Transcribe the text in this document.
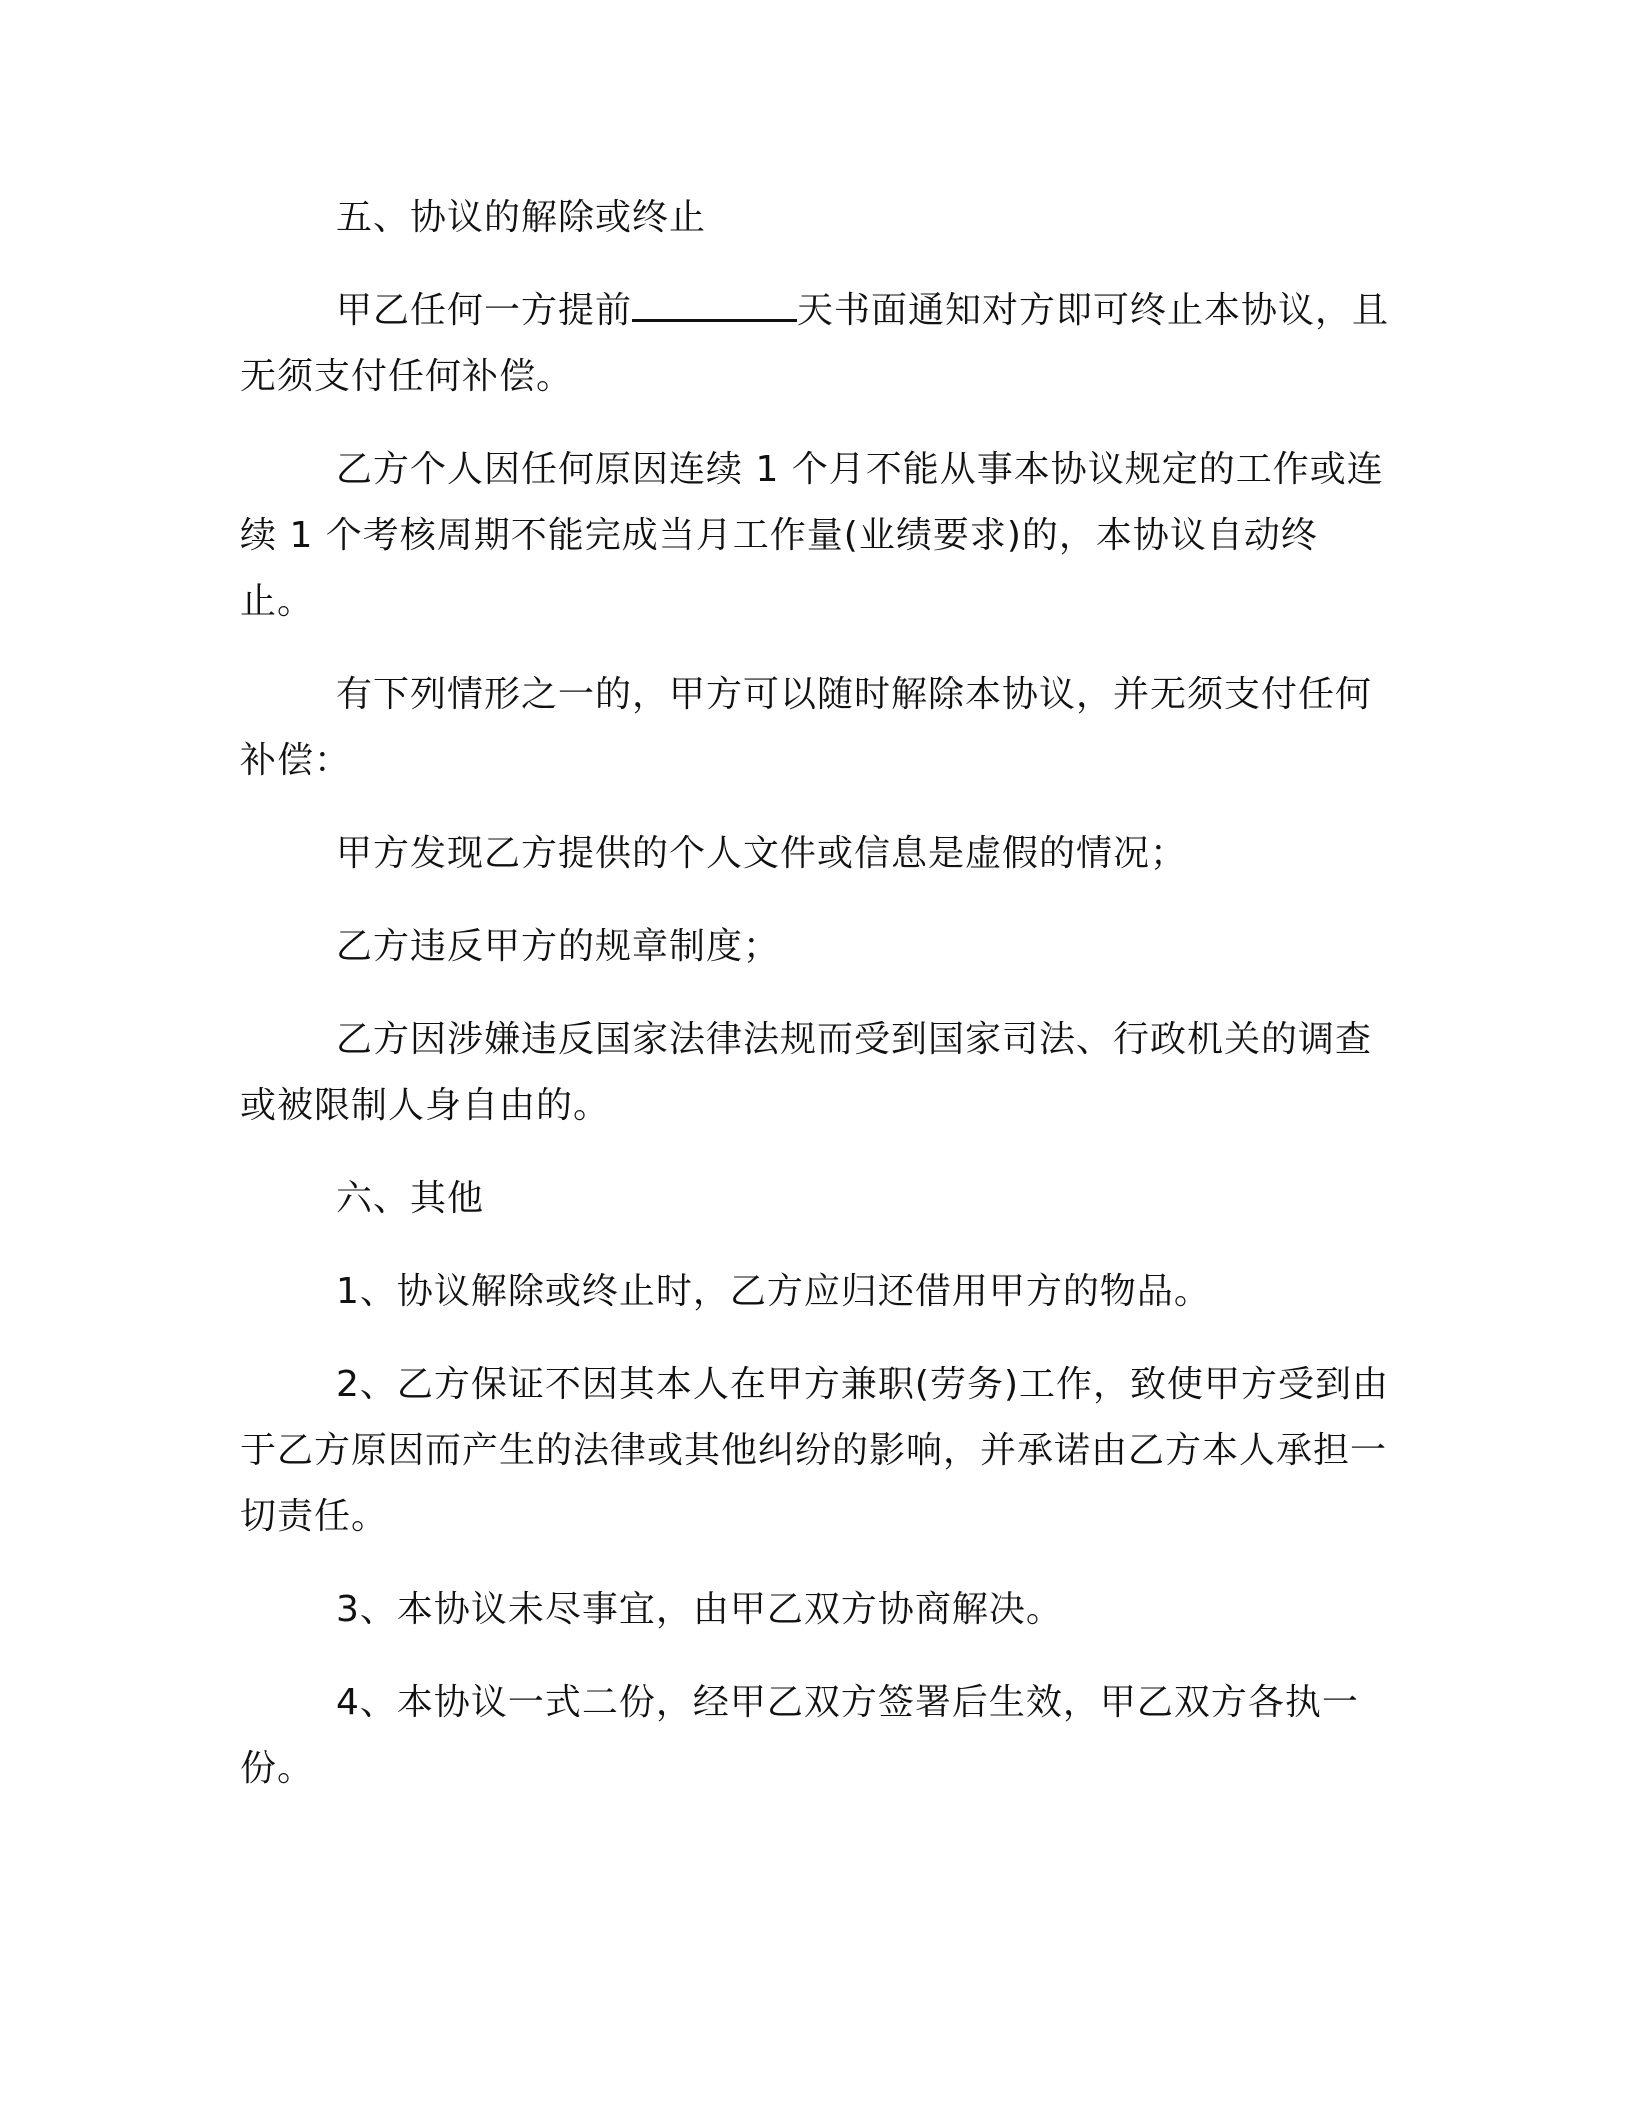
五、协议的解除或终止

甲乙任何一方提前	天书面通知对方即可终止本协议，且无须支付任何补偿。

乙方个人因任何原因连续 1 个月不能从事本协议规定的工作或连续 1 个考核周期不能完成当月工作量(业绩要求)的，本协议自动终止。

有下列情形之一的，甲方可以随时解除本协议，并无须支付任何补偿：

甲方发现乙方提供的个人文件或信息是虚假的情况；

乙方违反甲方的规章制度；

乙方因涉嫌违反国家法律法规而受到国家司法、行政机关的调查或被限制人身自由的。

六、其他

1、协议解除或终止时，乙方应归还借用甲方的物品。

2、乙方保证不因其本人在甲方兼职(劳务)工作，致使甲方受到由于乙方原因而产生的法律或其他纠纷的影响，并承诺由乙方本人承担一切责任。

3、本协议未尽事宜，由甲乙双方协商解决。

4、本协议一式二份，经甲乙双方签署后生效，甲乙双方各执一份。
